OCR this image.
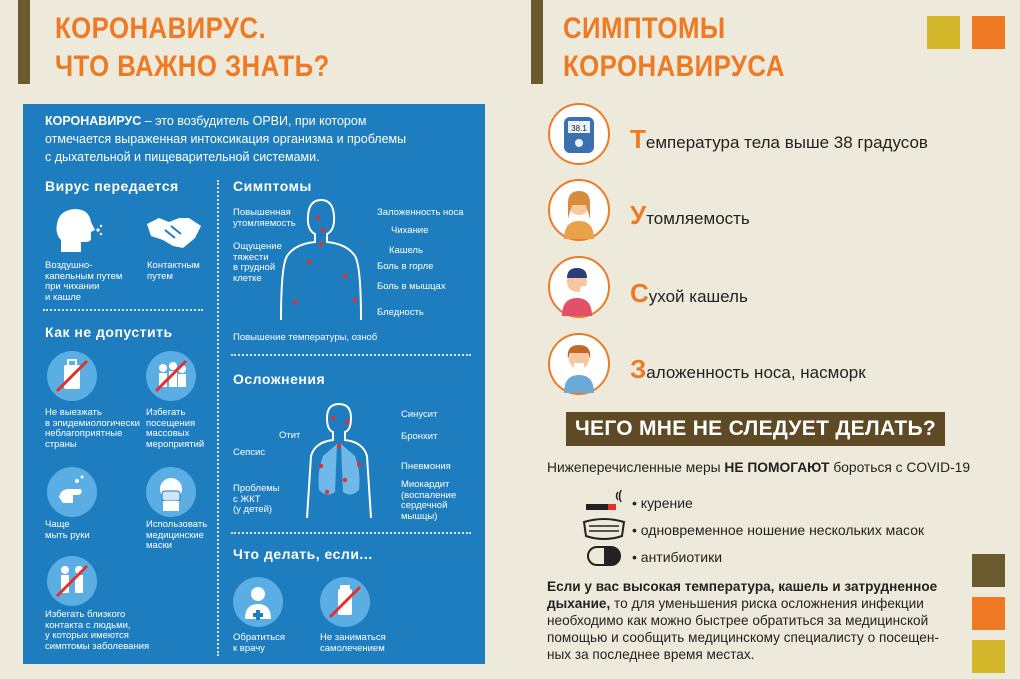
КОРОНАВИРУС.
ЧТО ВАЖНО ЗНАТЬ?
СИМПТОМЫ
КОРОНАВИРУСА
КОРОНАВИРУС – это возбудитель ОРВИ, при котором
отмечается выраженная интоксикация организма и проблемы
с дыхательной и пищеварительной системами.
Вирус передается
Воздушно-
капельным путем
при чихании
и кашле
Контактным
путем
Как не допустить
Не выезжать
в эпидемиологически
неблагоприятные
страны
Избегать
посещения
массовых
мероприятий
Чаще
мыть руки
Использовать
медицинские
маски
Избегать близкого
контакта с людьми,
у которых имеются
симптомы заболевания
Симптомы
Повышенная
утомляемость
Ощущение
тяжести
в грудной
клетке
Заложенность носа
Чихание
Кашель
Боль в горле
Боль в мышцах
Бледность
Повышение температуры, озноб
Осложнения
Отит
Сепсис
Проблемы
с ЖКТ
(у детей)
Синусит
Бронхит
Пневмония
Миокардит
(воспаление
сердечной
мышцы)
Что делать, если...
Обратиться
к врачу
Не заниматься
самолечением
38.1 Температура тела выше 38 градусов
Утомляемость
Сухой кашель
Заложенность носа, насморк
ЧЕГО МНЕ НЕ СЛЕДУЕТ ДЕЛАТЬ?
Нижеперечисленные меры НЕ ПОМОГАЮТ бороться с COVID-19
• курение
• одновременное ношение нескольких масок
• антибиотики
Если у вас высокая температура, кашель и затрудненное
дыхание, то для уменьшения риска осложнения инфекции
необходимо как можно быстрее обратиться за медицинской
помощью и сообщить медицинскому специалисту о посещен-
ных за последнее время местах.
